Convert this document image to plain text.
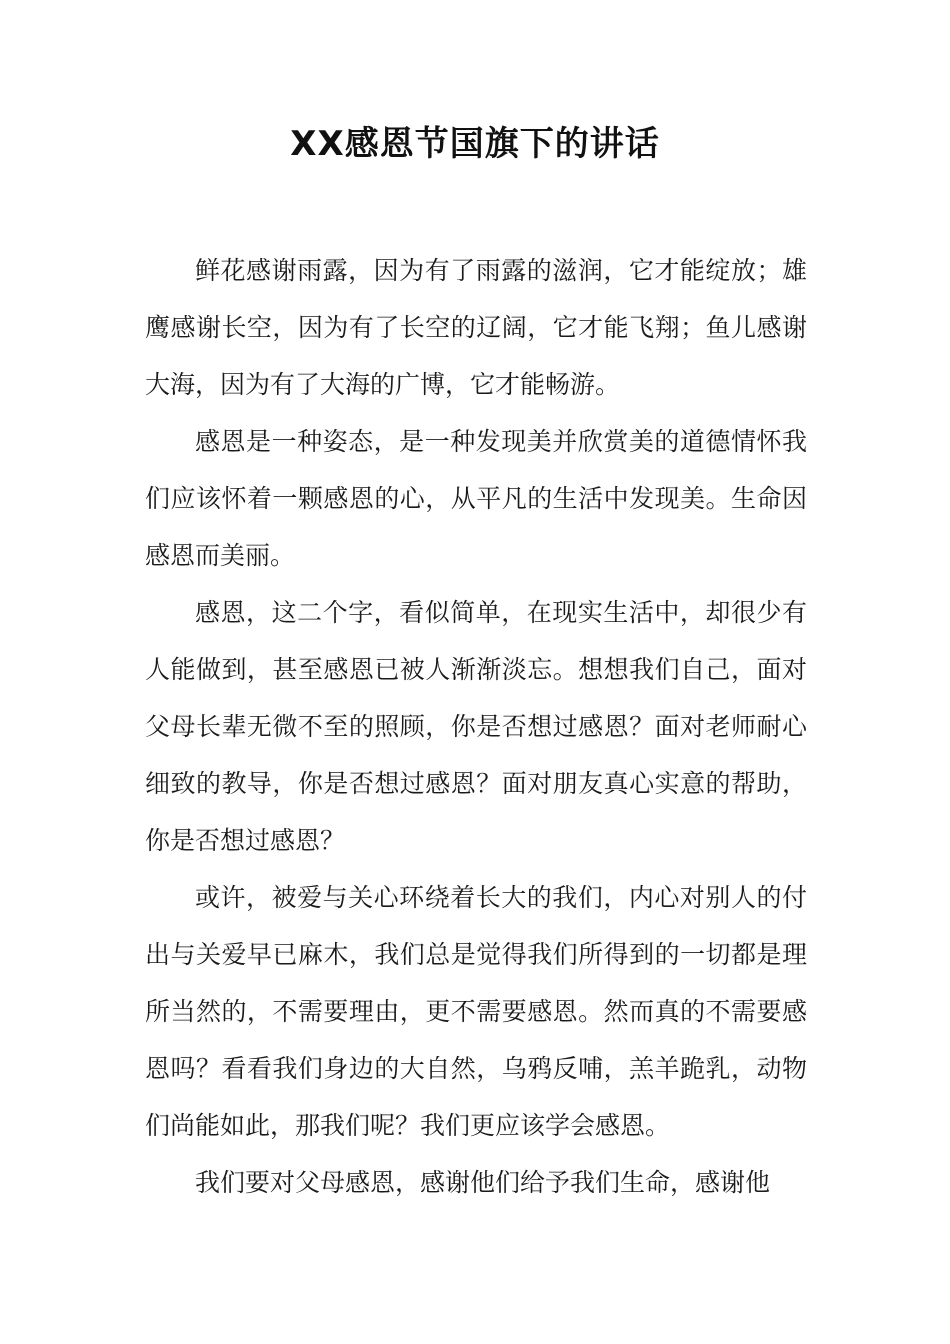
XX感恩节国旗下的讲话

鲜花感谢雨露，因为有了雨露的滋润，它才能绽放；雄鹰感谢长空，因为有了长空的辽阔，它才能飞翔；鱼儿感谢大海，因为有了大海的广博，它才能畅游。

感恩是一种姿态，是一种发现美并欣赏美的道德情怀我们应该怀着一颗感恩的心，从平凡的生活中发现美。生命因感恩而美丽。

感恩，这二个字，看似简单，在现实生活中，却很少有人能做到，甚至感恩已被人渐渐淡忘。想想我们自己，面对父母长辈无微不至的照顾，你是否想过感恩？面对老师耐心细致的教导，你是否想过感恩？面对朋友真心实意的帮助，你是否想过感恩？

或许，被爱与关心环绕着长大的我们，内心对别人的付出与关爱早已麻木，我们总是觉得我们所得到的一切都是理所当然的，不需要理由，更不需要感恩。然而真的不需要感恩吗？看看我们身边的大自然，乌鸦反哺，羔羊跪乳，动物们尚能如此，那我们呢？我们更应该学会感恩。

我们要对父母感恩，感谢他们给予我们生命，感谢他
